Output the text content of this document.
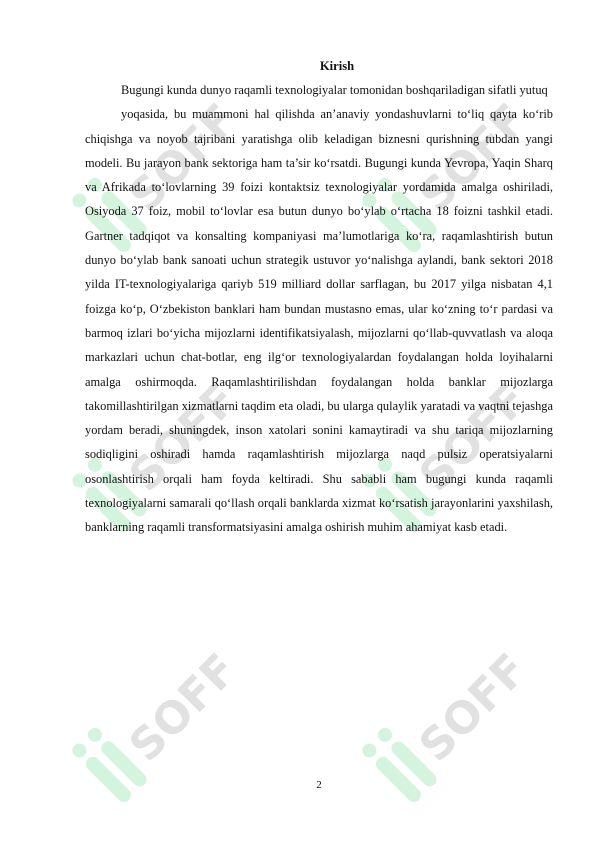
SOFF	SOFF
SOFF	SOFF
SOFF	SOFF
Kirish

Bugungi kunda dunyo raqamli texnologiyalar tomonidan boshqariladigan sifatli yutuq

yoqasida, bu muammoni hal qilishda an’anaviy yondashuvlarni to‘liq qayta ko‘rib chiqishga va noyob tajribani yaratishga olib keladigan biznesni qurishning tubdan yangi modeli. Bu jarayon bank sektoriga ham ta’sir ko‘rsatdi. Bugungi kunda Yevropa, Yaqin Sharq va Afrikada to‘lovlarning 39 foizi kontaktsiz texnologiyalar yordamida amalga oshiriladi, Osiyoda 37 foiz, mobil to‘lovlar esa butun dunyo bo‘ylab o‘rtacha 18 foizni tashkil etadi. Gartner tadqiqot va konsalting kompaniyasi ma’lumotlariga ko‘ra, raqamlashtirish butun dunyo bo‘ylab bank sanoati uchun strategik ustuvor yo‘nalishga aylandi, bank sektori 2018 yilda IT-texnologiyalariga qariyb 519 milliard dollar sarflagan, bu 2017 yilga nisbatan 4,1 foizga ko‘p, O‘zbekiston banklari ham bundan mustasno emas, ular ko‘zning to‘r pardasi va barmoq izlari bo‘yicha mijozlarni identifikatsiyalash, mijozlarni qo‘llab-quvvatlash va aloqa markazlari uchun chat-botlar, eng ilg‘or texnologiyalardan foydalangan holda loyihalarni amalga oshirmoqda. Raqamlashtirilishdan foydalangan holda banklar mijozlarga takomillashtirilgan xizmatlarni taqdim eta oladi, bu ularga qulaylik yaratadi va vaqtni tejashga yordam beradi, shuningdek, inson xatolari sonini kamaytiradi va shu tariqa mijozlarning sodiqligini oshiradi hamda raqamlashtirish mijozlarga naqd pulsiz operatsiyalarni osonlashtirish orqali ham foyda keltiradi. Shu sababli ham bugungi kunda raqamli texnologiyalarni samarali qo‘llash orqali banklarda xizmat ko‘rsatish jarayonlarini yaxshilash, banklarning raqamli transformatsiyasini amalga oshirish muhim ahamiyat kasb etadi.

2
